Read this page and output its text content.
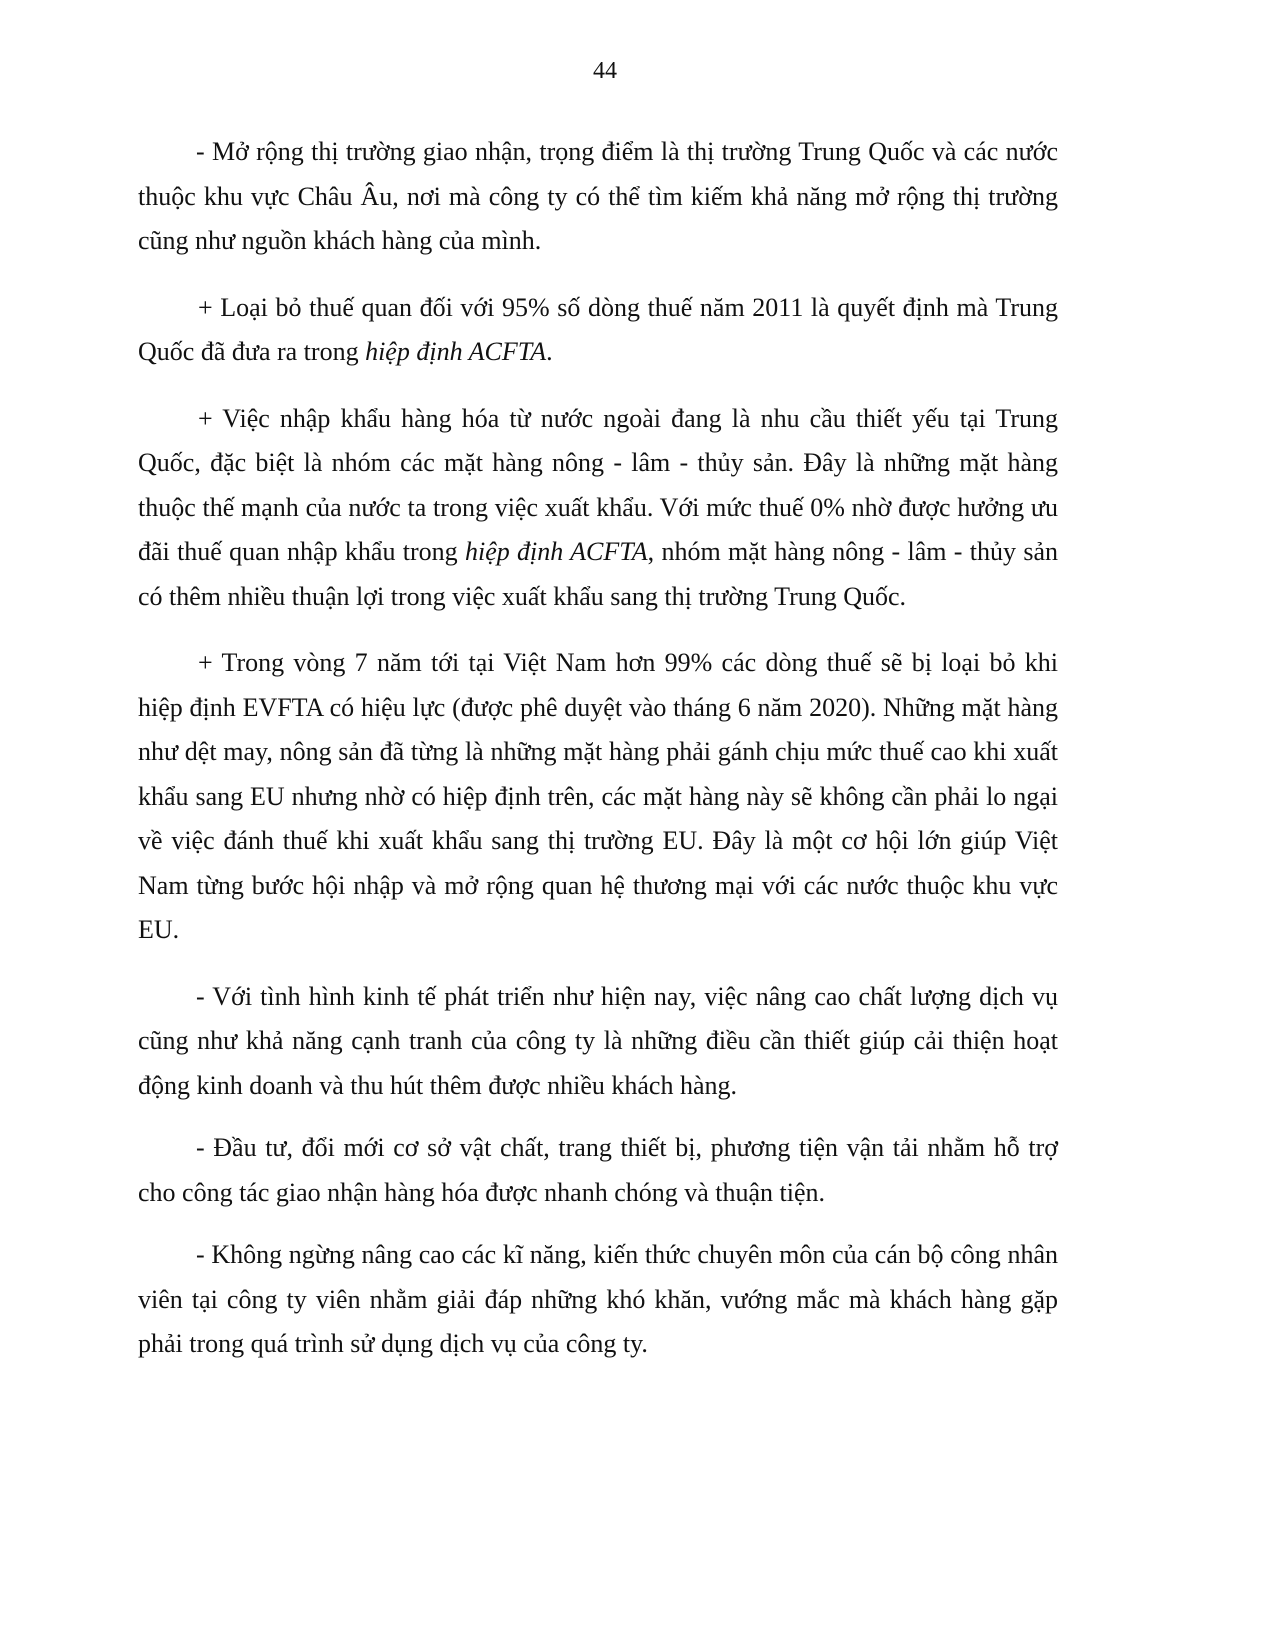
44

- Mở rộng thị trường giao nhận, trọng điểm là thị trường Trung Quốc và các nước thuộc khu vực Châu Âu, nơi mà công ty có thể tìm kiếm khả năng mở rộng thị trường cũng như nguồn khách hàng của mình.

+ Loại bỏ thuế quan đối với 95% số dòng thuế năm 2011 là quyết định mà Trung Quốc đã đưa ra trong hiệp định ACFTA.

+ Việc nhập khẩu hàng hóa từ nước ngoài đang là nhu cầu thiết yếu tại Trung Quốc, đặc biệt là nhóm các mặt hàng nông - lâm - thủy sản. Đây là những mặt hàng thuộc thế mạnh của nước ta trong việc xuất khẩu. Với mức thuế 0% nhờ được hưởng ưu đãi thuế quan nhập khẩu trong hiệp định ACFTA, nhóm mặt hàng nông - lâm - thủy sản có thêm nhiều thuận lợi trong việc xuất khẩu sang thị trường Trung Quốc.

+ Trong vòng 7 năm tới tại Việt Nam hơn 99% các dòng thuế sẽ bị loại bỏ khi hiệp định EVFTA có hiệu lực (được phê duyệt vào tháng 6 năm 2020). Những mặt hàng như dệt may, nông sản đã từng là những mặt hàng phải gánh chịu mức thuế cao khi xuất khẩu sang EU nhưng nhờ có hiệp định trên, các mặt hàng này sẽ không cần phải lo ngại về việc đánh thuế khi xuất khẩu sang thị trường EU. Đây là một cơ hội lớn giúp Việt Nam từng bước hội nhập và mở rộng quan hệ thương mại với các nước thuộc khu vực EU.

- Với tình hình kinh tế phát triển như hiện nay, việc nâng cao chất lượng dịch vụ cũng như khả năng cạnh tranh của công ty là những điều cần thiết giúp cải thiện hoạt động kinh doanh và thu hút thêm được nhiều khách hàng.

- Đầu tư, đổi mới cơ sở vật chất, trang thiết bị, phương tiện vận tải nhằm hỗ trợ cho công tác giao nhận hàng hóa được nhanh chóng và thuận tiện.

- Không ngừng nâng cao các kĩ năng, kiến thức chuyên môn của cán bộ công nhân viên tại công ty viên nhằm giải đáp những khó khăn, vướng mắc mà khách hàng gặp phải trong quá trình sử dụng dịch vụ của công ty.
